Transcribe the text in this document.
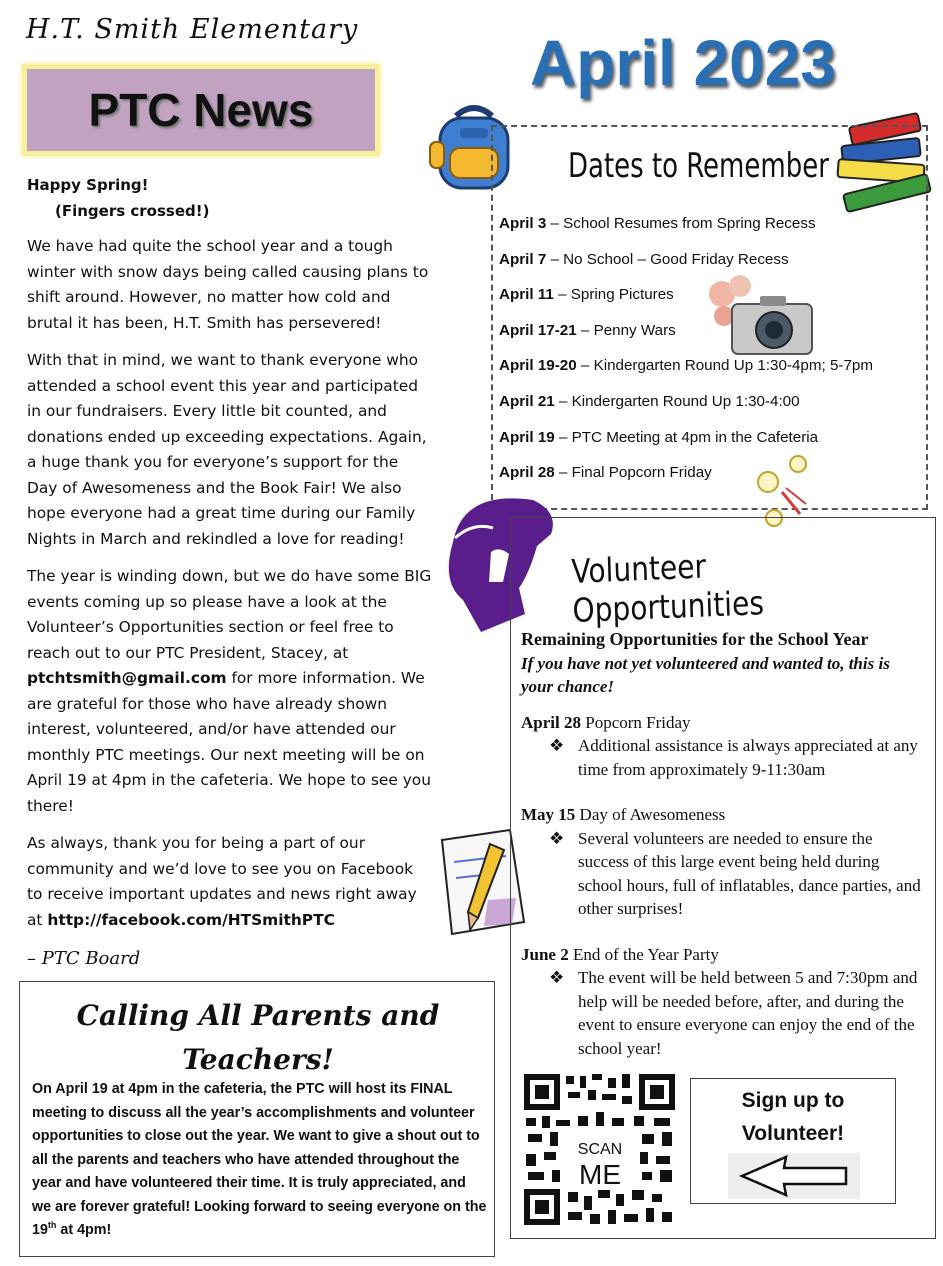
H.T. Smith Elementary
PTC News
April 2023
Happy Spring!
(Fingers crossed!)

We have had quite the school year and a tough winter with snow days being called causing plans to shift around. However, no matter how cold and brutal it has been, H.T. Smith has persevered!

With that in mind, we want to thank everyone who attended a school event this year and participated in our fundraisers. Every little bit counted, and donations ended up exceeding expectations. Again, a huge thank you for everyone’s support for the Day of Awesomeness and the Book Fair! We also hope everyone had a great time during our Family Nights in March and rekindled a love for reading!

The year is winding down, but we do have some BIG events coming up so please have a look at the Volunteer’s Opportunities section or feel free to reach out to our PTC President, Stacey, at ptchtsmith@gmail.com for more information. We are grateful for those who have already shown interest, volunteered, and/or have attended our monthly PTC meetings. Our next meeting will be on April 19 at 4pm in the cafeteria. We hope to see you there!

As always, thank you for being a part of our community and we’d love to see you on Facebook to receive important updates and news right away at http://facebook.com/HTSmithPTC

– PTC Board
Dates to Remember
April 3 – School Resumes from Spring Recess
April 7 – No School – Good Friday Recess
April 11 – Spring Pictures
April 17-21 – Penny Wars
April 19-20 – Kindergarten Round Up 1:30-4pm; 5-7pm
April 21 – Kindergarten Round Up 1:30-4:00
April 19 – PTC Meeting at 4pm in the Cafeteria
April 28 – Final Popcorn Friday
Volunteer Opportunities
Remaining Opportunities for the School Year
If you have not yet volunteered and wanted to, this is your chance!
April 28 Popcorn Friday
❖ Additional assistance is always appreciated at any time from approximately 9-11:30am
May 15 Day of Awesomeness
❖ Several volunteers are needed to ensure the success of this large event being held during school hours, full of inflatables, dance parties, and other surprises!
June 2 End of the Year Party
❖ The event will be held between 5 and 7:30pm and help will be needed before, after, and during the event to ensure everyone can enjoy the end of the school year!
SCAN
ME
Sign up to
Volunteer!
Calling All Parents and
Teachers!
On April 19 at 4pm in the cafeteria, the PTC will host its FINAL meeting to discuss all the year’s accomplishments and volunteer opportunities to close out the year. We want to give a shout out to all the parents and teachers who have attended throughout the year and have volunteered their time. It is truly appreciated, and we are forever grateful! Looking forward to seeing everyone on the 19th at 4pm!
